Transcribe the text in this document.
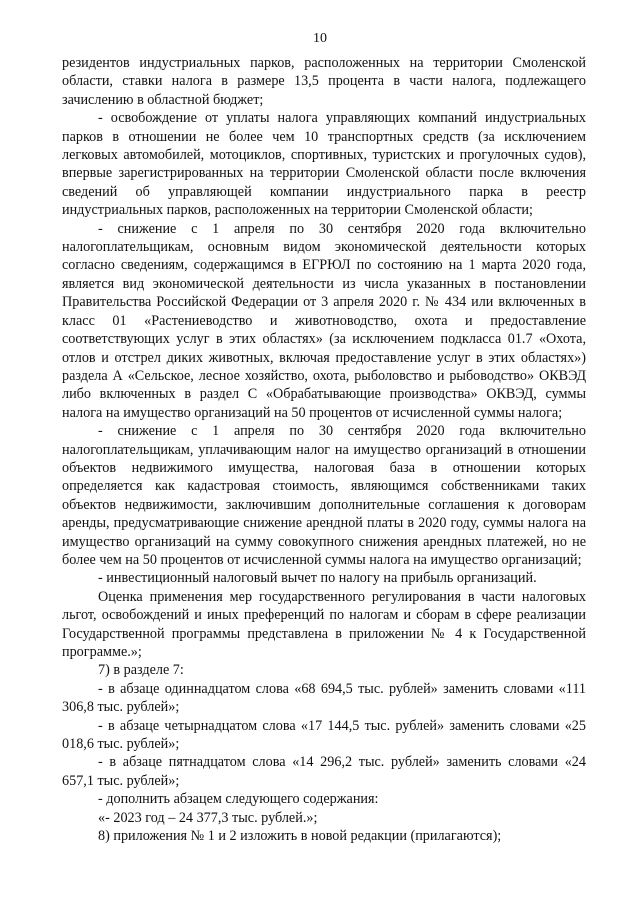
10

резидентов индустриальных парков, расположенных на территории Смоленской области, ставки налога в размере 13,5 процента в части налога, подлежащего зачислению в областной бюджет;

- освобождение от уплаты налога управляющих компаний индустриальных парков в отношении не более чем 10 транспортных средств (за исключением легковых автомобилей, мотоциклов, спортивных, туристских и прогулочных судов), впервые зарегистрированных на территории Смоленской области после включения сведений об управляющей компании индустриального парка в реестр индустриальных парков, расположенных на территории Смоленской области;

- снижение с 1 апреля по 30 сентября 2020 года включительно налогоплательщикам, основным видом экономической деятельности которых согласно сведениям, содержащимся в ЕГРЮЛ по состоянию на 1 марта 2020 года, является вид экономической деятельности из числа указанных в постановлении Правительства Российской Федерации от 3 апреля 2020 г. № 434 или включенных в класс 01 «Растениеводство и животноводство, охота и предоставление соответствующих услуг в этих областях» (за исключением подкласса 01.7 «Охота, отлов и отстрел диких животных, включая предоставление услуг в этих областях») раздела А «Сельское, лесное хозяйство, охота, рыболовство и рыбоводство» ОКВЭД либо включенных в раздел С «Обрабатывающие производства» ОКВЭД, суммы налога на имущество организаций на 50 процентов от исчисленной суммы налога;

- снижение с 1 апреля по 30 сентября 2020 года включительно налогоплательщикам, уплачивающим налог на имущество организаций в отношении объектов недвижимого имущества, налоговая база в отношении которых определяется как кадастровая стоимость, являющимся собственниками таких объектов недвижимости, заключившим дополнительные соглашения к договорам аренды, предусматривающие снижение арендной платы в 2020 году, суммы налога на имущество организаций на сумму совокупного снижения арендных платежей, но не более чем на 50 процентов от исчисленной суммы налога на имущество организаций;

- инвестиционный налоговый вычет по налогу на прибыль организаций.

Оценка применения мер государственного регулирования в части налоговых льгот, освобождений и иных преференций по налогам и сборам в сфере реализации Государственной программы представлена в приложении № 4 к Государственной программе.»;

7) в разделе 7:

- в абзаце одиннадцатом слова «68 694,5 тыс. рублей» заменить словами «111 306,8 тыс. рублей»;

- в абзаце четырнадцатом слова «17 144,5 тыс. рублей» заменить словами «25 018,6 тыс. рублей»;

- в абзаце пятнадцатом слова «14 296,2 тыс. рублей» заменить словами «24 657,1 тыс. рублей»;

- дополнить абзацем следующего содержания:

«- 2023 год – 24 377,3 тыс. рублей.»;

8) приложения № 1 и 2 изложить в новой редакции (прилагаются);
